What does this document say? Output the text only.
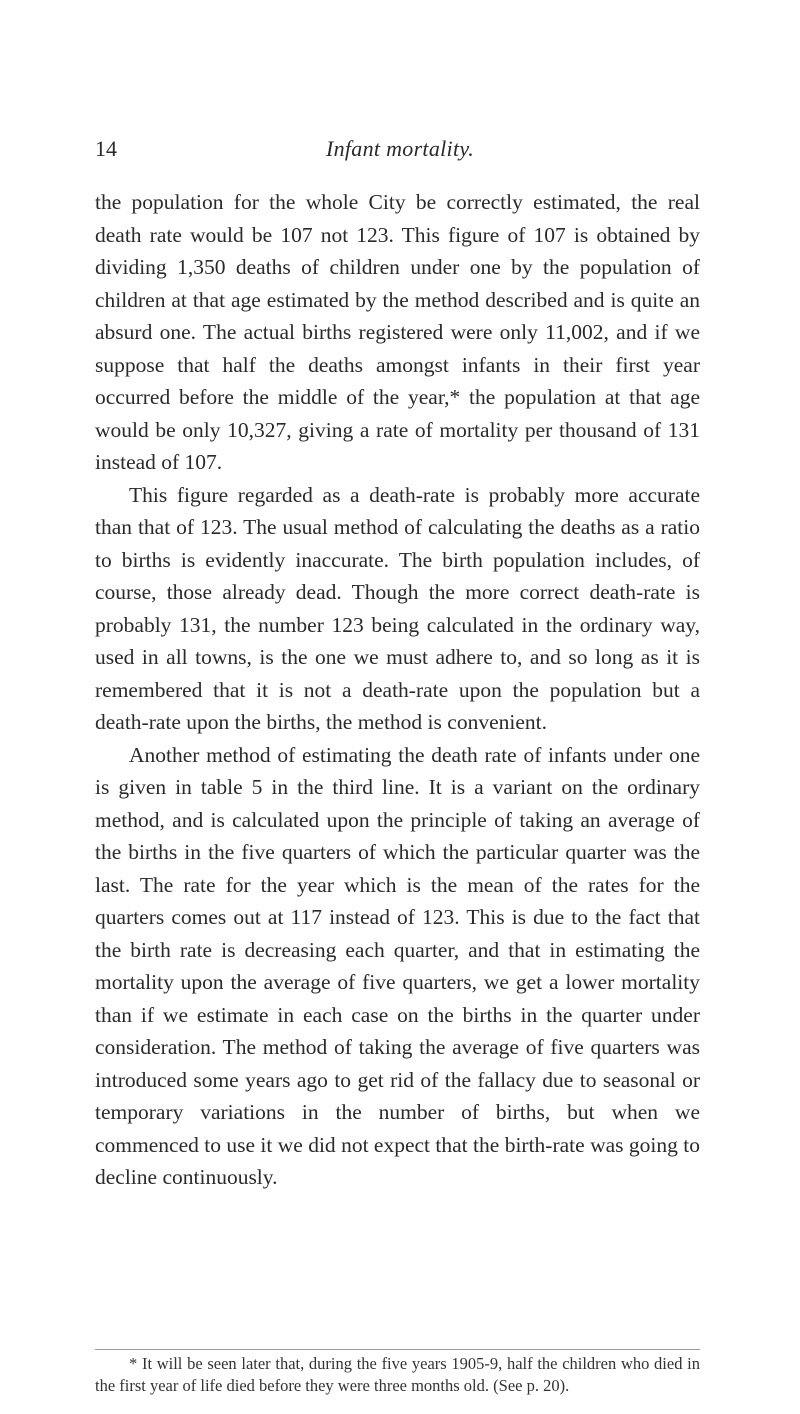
14	Infant mortality.

the population for the whole City be correctly estimated, the real death rate would be 107 not 123. This figure of 107 is obtained by dividing 1,350 deaths of children under one by the population of children at that age estimated by the method described and is quite an absurd one. The actual births registered were only 11,002, and if we suppose that half the deaths amongst infants in their first year occurred before the middle of the year,* the population at that age would be only 10,327, giving a rate of mortality per thousand of 131 instead of 107.

This figure regarded as a death-rate is probably more accurate than that of 123. The usual method of calculating the deaths as a ratio to births is evidently inaccurate. The birth population includes, of course, those already dead. Though the more correct death-rate is probably 131, the number 123 being calculated in the ordinary way, used in all towns, is the one we must adhere to, and so long as it is remembered that it is not a death-rate upon the population but a death-rate upon the births, the method is convenient.

Another method of estimating the death rate of infants under one is given in table 5 in the third line. It is a variant on the ordinary method, and is calculated upon the principle of taking an average of the births in the five quarters of which the particular quarter was the last. The rate for the year which is the mean of the rates for the quarters comes out at 117 instead of 123. This is due to the fact that the birth rate is decreasing each quarter, and that in estimating the mortality upon the average of five quarters, we get a lower mortality than if we estimate in each case on the births in the quarter under consideration. The method of taking the average of five quarters was introduced some years ago to get rid of the fallacy due to seasonal or temporary variations in the number of births, but when we commenced to use it we did not expect that the birth-rate was going to decline continuously.

* It will be seen later that, during the five years 1905-9, half the children who died in the first year of life died before they were three months old. (See p. 20).
